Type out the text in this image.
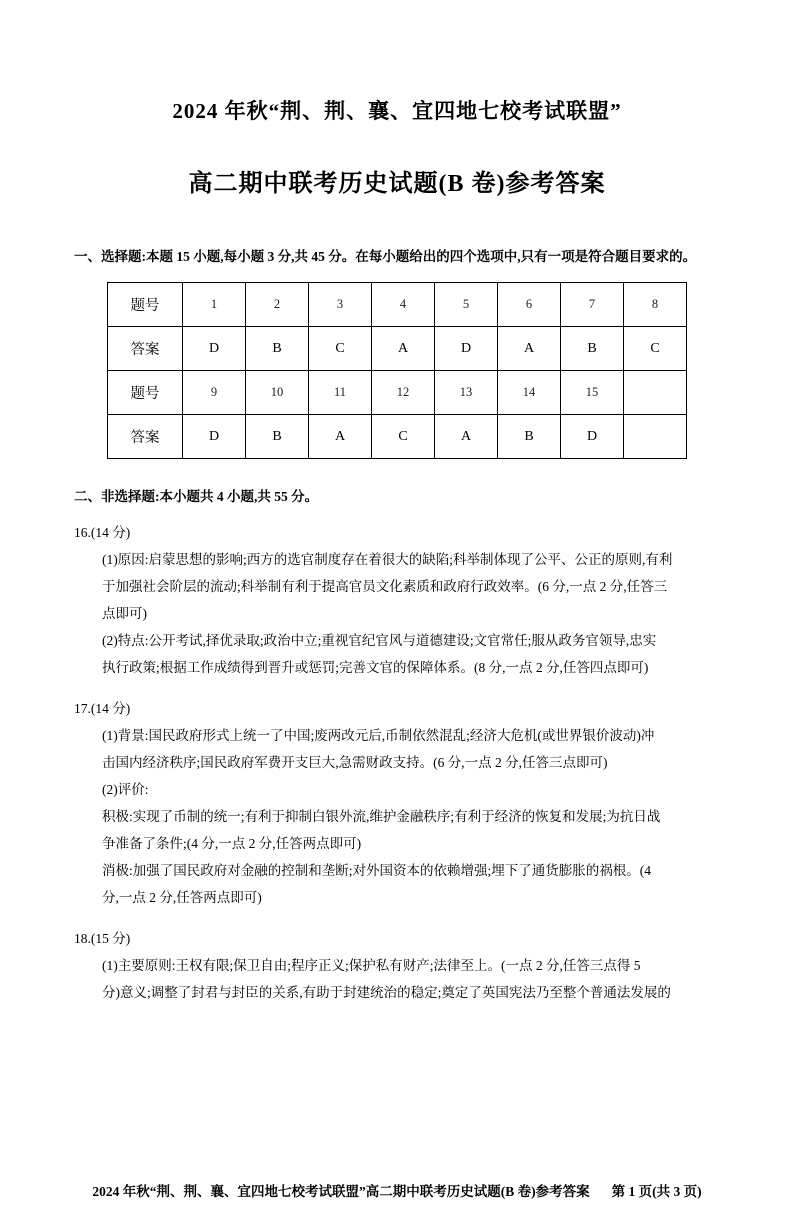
2024 年秋“荆、荆、襄、宜四地七校考试联盟”
高二期中联考历史试题(B 卷)参考答案
一、选择题:本题 15 小题,每小题 3 分,共 45 分。在每小题给出的四个选项中,只有一项是符合题目要求的。
题号	1	2	3	4	5	6	7	8
答案	D	B	C	A	D	A	B	C
题号	9	10	11	12	13	14	15	
答案	D	B	A	C	A	B	D	
二、非选择题:本小题共 4 小题,共 55 分。
16.(14 分)

(1)原因:启蒙思想的影响;西方的选官制度存在着很大的缺陷;科举制体现了公平、公正的原则,有利

于加强社会阶层的流动;科举制有利于提高官员文化素质和政府行政效率。(6 分,一点 2 分,任答三

点即可)

(2)特点:公开考试,择优录取;政治中立;重视官纪官风与道德建设;文官常任;服从政务官领导,忠实

执行政策;根据工作成绩得到晋升或惩罚;完善文官的保障体系。(8 分,一点 2 分,任答四点即可)

17.(14 分)

(1)背景:国民政府形式上统一了中国;废两改元后,币制依然混乱;经济大危机(或世界银价波动)冲

击国内经济秩序;国民政府军费开支巨大,急需财政支持。(6 分,一点 2 分,任答三点即可)

(2)评价:

积极:实现了币制的统一;有利于抑制白银外流,维护金融秩序;有利于经济的恢复和发展;为抗日战

争准备了条件;(4 分,一点 2 分,任答两点即可)

消极:加强了国民政府对金融的控制和垄断;对外国资本的依赖增强;埋下了通货膨胀的祸根。(4

分,一点 2 分,任答两点即可)

18.(15 分)

(1)主要原则:王权有限;保卫自由;程序正义;保护私有财产;法律至上。(一点 2 分,任答三点得 5

分)意义;调整了封君与封臣的关系,有助于封建统治的稳定;奠定了英国宪法乃至整个普通法发展的

2024 年秋“荆、荆、襄、宜四地七校考试联盟”高二期中联考历史试题(B 卷)参考答案 第 1 页(共 3 页)
